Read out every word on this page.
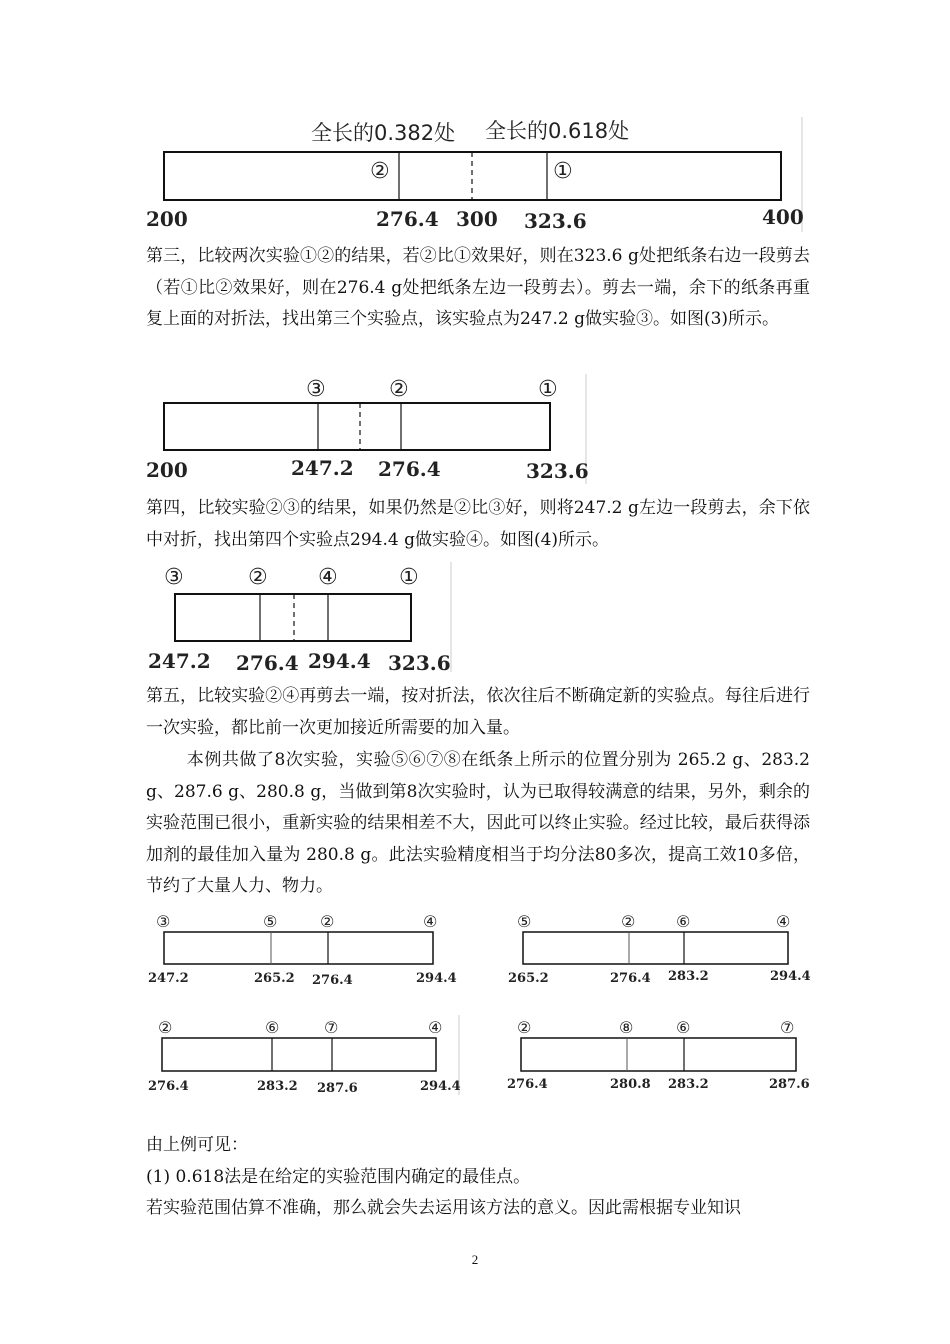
全长的0.382处 全长的0.618处
②	①
200	276.4 300 323.6	400

第三，比较两次实验①②的结果，若②比①效果好，则在323.6 g处把纸条右边一段剪去（若①比②效果好，则在276.4 g处把纸条左边一段剪去）。剪去一端，余下的纸条再重复上面的对折法，找出第三个实验点，该实验点为247.2 g做实验③。如图(3)所示。

③	②	①
200	247.2 276.4	323.6

第四，比较实验②③的结果，如果仍然是②比③好，则将247.2 g左边一段剪去，余下依中对折，找出第四个实验点294.4 g做实验④。如图(4)所示。

③	② ④	①
247.2 276.4 294.4 323.6

第五，比较实验②④再剪去一端，按对折法，依次往后不断确定新的实验点。每往后进行一次实验，都比前一次更加接近所需要的加入量。

本例共做了8次实验，实验⑤⑥⑦⑧在纸条上所示的位置分别为 265.2 g、283.2 g、287.6 g、280.8 g，当做到第8次实验时，认为已取得较满意的结果，另外，剩余的实验范围已很小，重新实验的结果相差不大，因此可以终止实验。经过比较，最后获得添加剂的最佳加入量为 280.8 g。此法实验精度相当于均分法80多次，提高工效10多倍，节约了大量人力、物力。

③	⑤	②	④
247.2	265.2 276.4	294.4
⑤	②	⑥	④
265.2	276.4 283.2	294.4
②	⑥	⑦	④
276.4	283.2 287.6	294.4
②	⑧	⑥	⑦
276.4	280.8 283.2	287.6

由上例可见：

(1) 0.618法是在给定的实验范围内确定的最佳点。

若实验范围估算不准确，那么就会失去运用该方法的意义。因此需根据专业知识

2
